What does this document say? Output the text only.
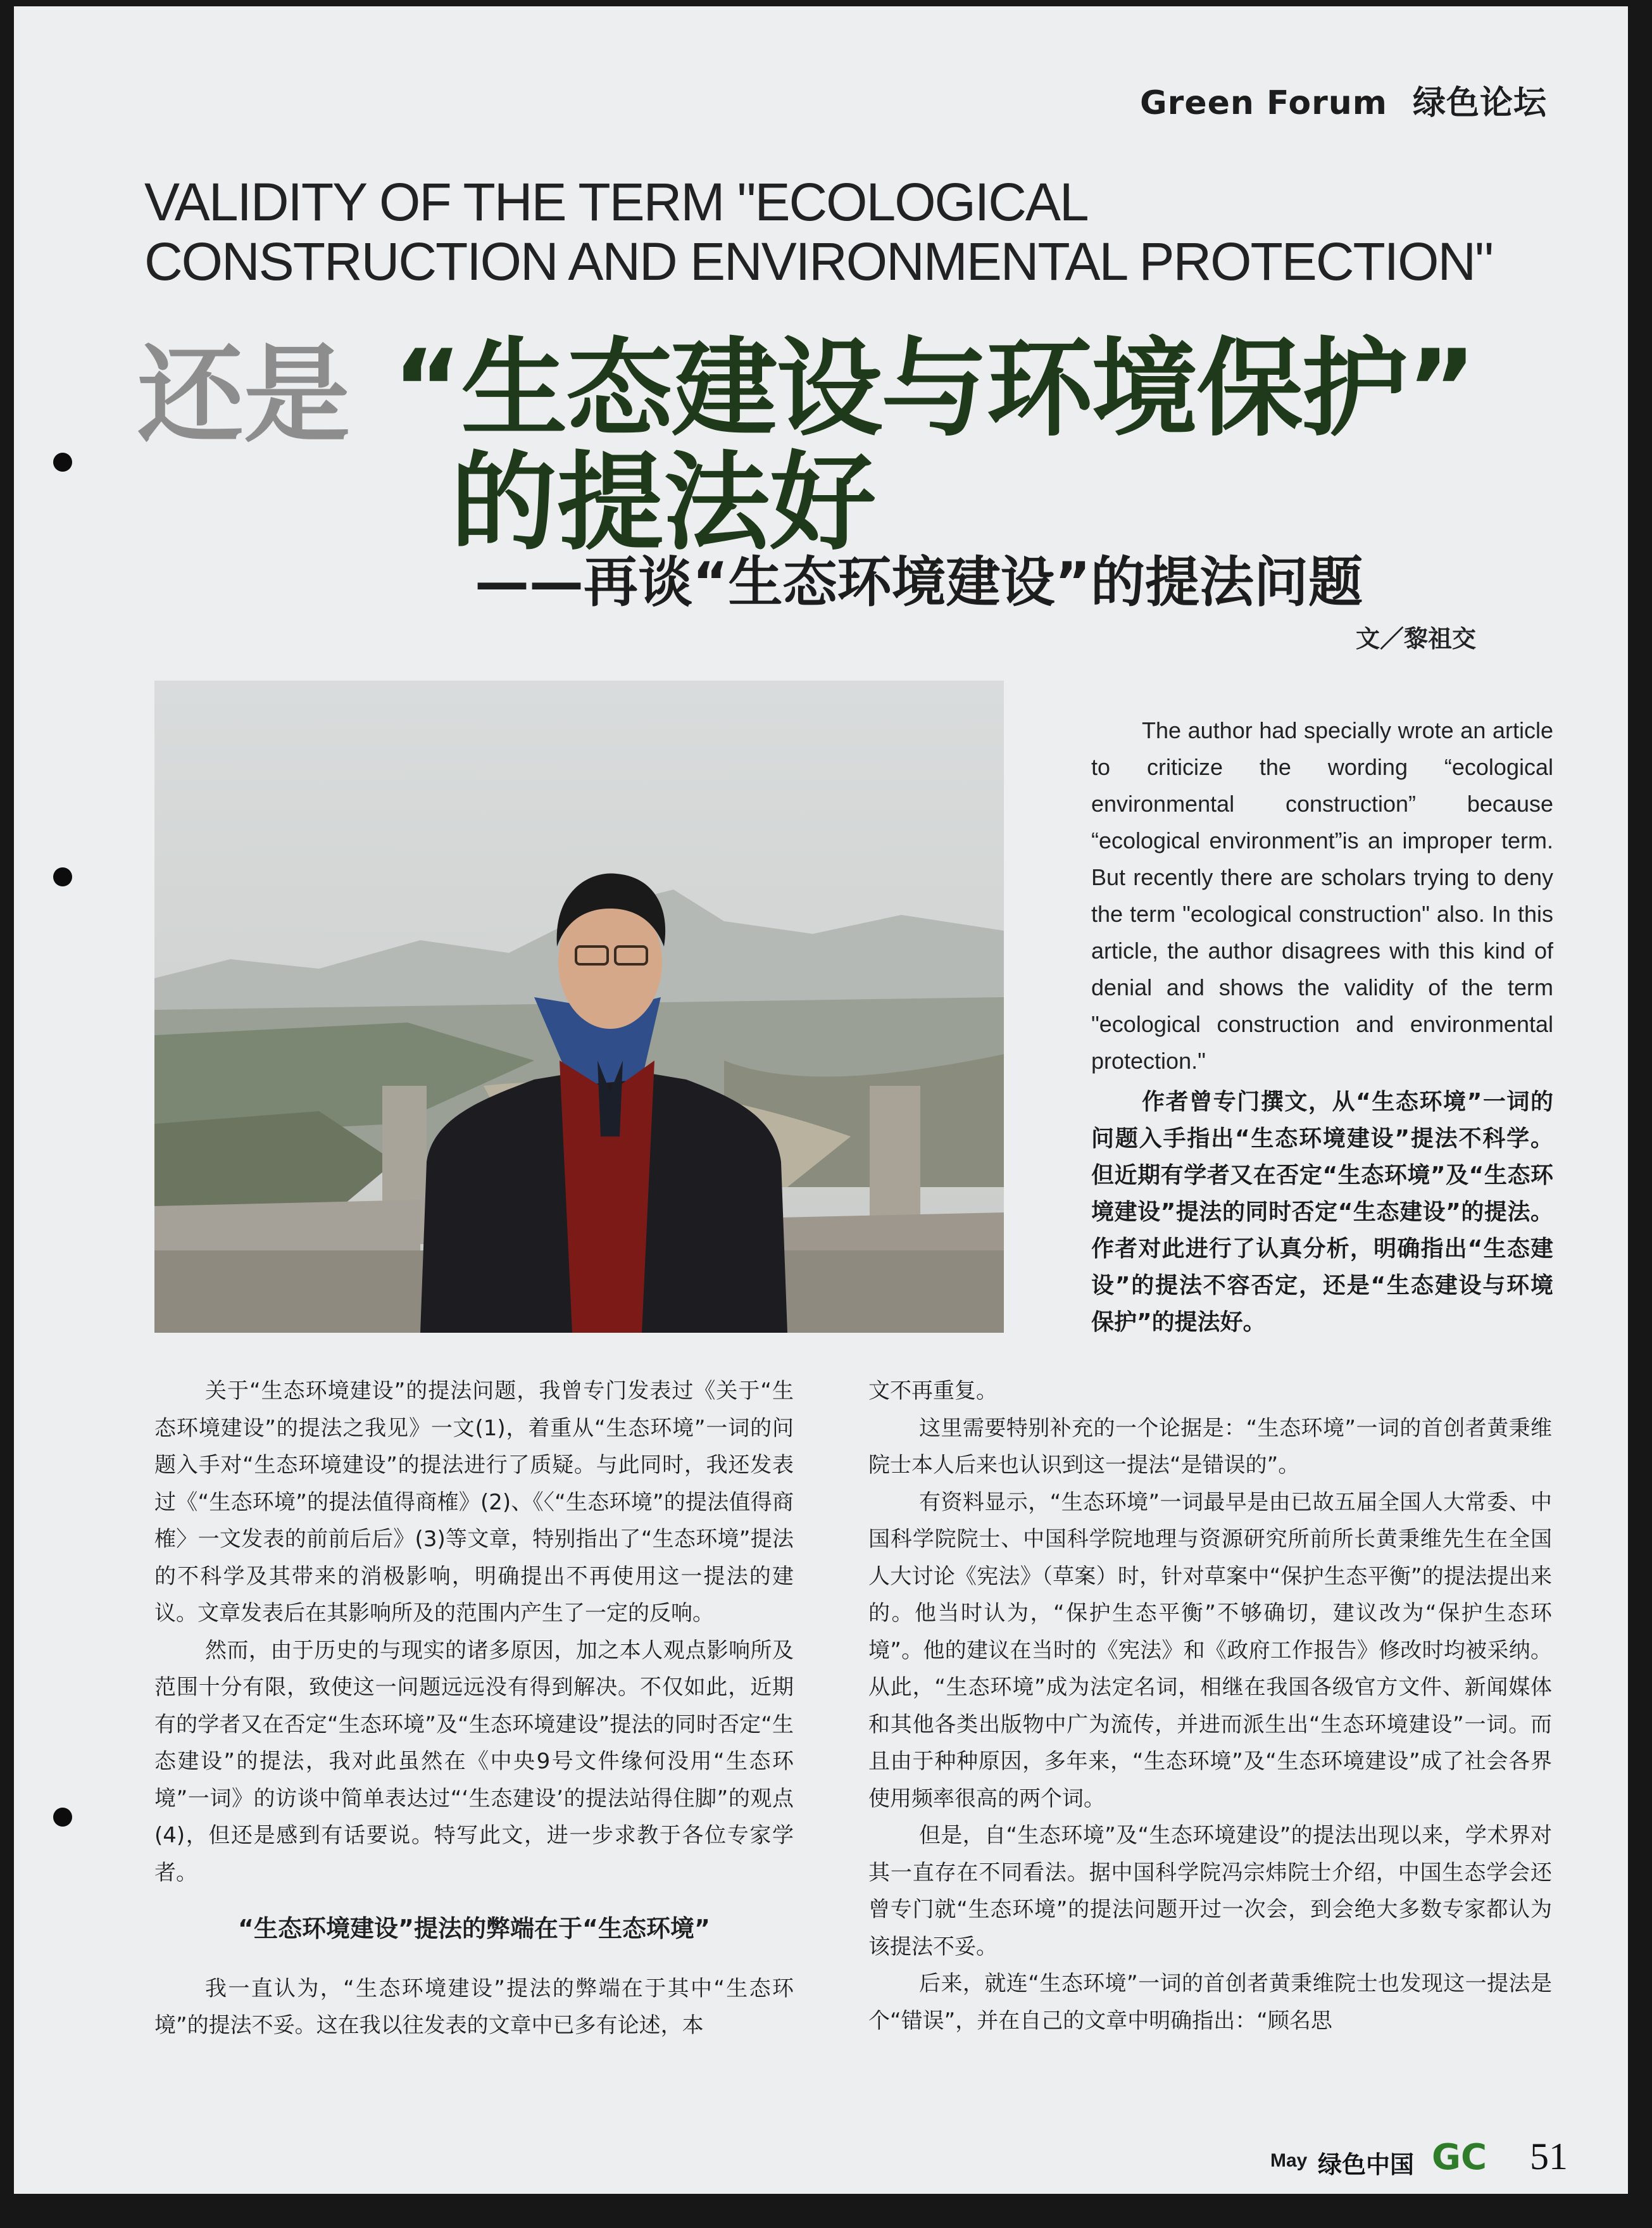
Green Forum 绿色论坛
VALIDITY OF THE TERM "ECOLOGICAL
CONSTRUCTION AND ENVIRONMENTAL PROTECTION"
还是 “生态建设与环境保护”
的提法好
——再谈“生态环境建设”的提法问题
文／黎祖交
The author had specially wrote an article to criticize the wording “ecological environmental construction” because “ecological environment”is an improper term. But recently there are scholars trying to deny the term "ecological construction" also. In this article, the author disagrees with this kind of denial and shows the validity of the term "ecological construction and environmental protection."
作者曾专门撰文，从“生态环境”一词的问题入手指出“生态环境建设”提法不科学。但近期有学者又在否定“生态环境”及“生态环境建设”提法的同时否定“生态建设”的提法。作者对此进行了认真分析，明确指出“生态建设”的提法不容否定，还是“生态建设与环境保护”的提法好。

关于“生态环境建设”的提法问题，我曾专门发表过《关于“生态环境建设”的提法之我见》一文(1)，着重从“生态环境”一词的问题入手对“生态环境建设”的提法进行了质疑。与此同时，我还发表过《“生态环境”的提法值得商榷》(2)、《〈“生态环境”的提法值得商榷〉一文发表的前前后后》(3)等文章，特别指出了“生态环境”提法的不科学及其带来的消极影响，明确提出不再使用这一提法的建议。文章发表后在其影响所及的范围内产生了一定的反响。

然而，由于历史的与现实的诸多原因，加之本人观点影响所及范围十分有限，致使这一问题远远没有得到解决。不仅如此，近期有的学者又在否定“生态环境”及“生态环境建设”提法的同时否定“生态建设”的提法，我对此虽然在《中央9号文件缘何没用“生态环境”一词》的访谈中简单表达过“‘生态建设’的提法站得住脚”的观点(4)，但还是感到有话要说。特写此文，进一步求教于各位专家学者。

“生态环境建设”提法的弊端在于“生态环境”

我一直认为，“生态环境建设”提法的弊端在于其中“生态环境”的提法不妥。这在我以往发表的文章中已多有论述，本

文不再重复。

这里需要特别补充的一个论据是：“生态环境”一词的首创者黄秉维院士本人后来也认识到这一提法“是错误的”。

有资料显示，“生态环境”一词最早是由已故五届全国人大常委、中国科学院院士、中国科学院地理与资源研究所前所长黄秉维先生在全国人大讨论《宪法》（草案）时，针对草案中“保护生态平衡”的提法提出来的。他当时认为，“保护生态平衡”不够确切，建议改为“保护生态环境”。他的建议在当时的《宪法》和《政府工作报告》修改时均被采纳。从此，“生态环境”成为法定名词，相继在我国各级官方文件、新闻媒体和其他各类出版物中广为流传，并进而派生出“生态环境建设”一词。而且由于种种原因，多年来，“生态环境”及“生态环境建设”成了社会各界使用频率很高的两个词。

但是，自“生态环境”及“生态环境建设”的提法出现以来，学术界对其一直存在不同看法。据中国科学院冯宗炜院士介绍，中国生态学会还曾专门就“生态环境”的提法问题开过一次会，到会绝大多数专家都认为该提法不妥。

后来，就连“生态环境”一词的首创者黄秉维院士也发现这一提法是个“错误”，并在自己的文章中明确指出：“顾名思

May 绿色中国 GC 51
